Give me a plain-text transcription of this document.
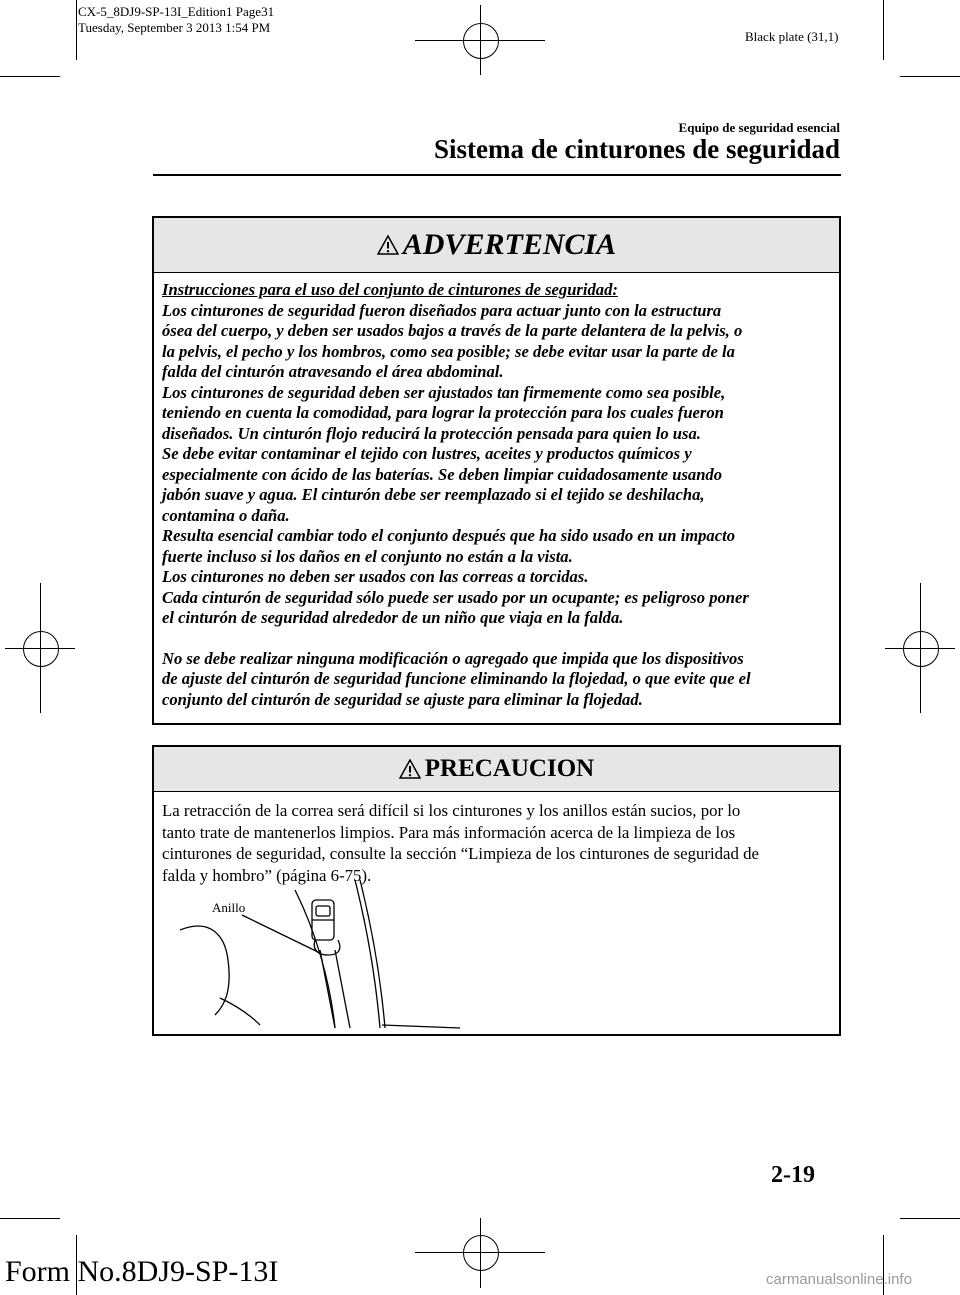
CX-5_8DJ9-SP-13I_Edition1 Page31
Tuesday, September 3 2013 1:54 PM
Black plate (31,1)
Equipo de seguridad esencial
Sistema de cinturones de seguridad
ADVERTENCIA

Instrucciones para el uso del conjunto de cinturones de seguridad:

Los cinturones de seguridad fueron diseñados para actuar junto con la estructura

ósea del cuerpo, y deben ser usados bajos a través de la parte delantera de la pelvis, o

la pelvis, el pecho y los hombros, como sea posible; se debe evitar usar la parte de la

falda del cinturón atravesando el área abdominal.

Los cinturones de seguridad deben ser ajustados tan firmemente como sea posible,

teniendo en cuenta la comodidad, para lograr la protección para los cuales fueron

diseñados. Un cinturón flojo reducirá la protección pensada para quien lo usa.

Se debe evitar contaminar el tejido con lustres, aceites y productos químicos y

especialmente con ácido de las baterías. Se deben limpiar cuidadosamente usando

jabón suave y agua. El cinturón debe ser reemplazado si el tejido se deshilacha,

contamina o daña.

Resulta esencial cambiar todo el conjunto después que ha sido usado en un impacto

fuerte incluso si los daños en el conjunto no están a la vista.

Los cinturones no deben ser usados con las correas a torcidas.

Cada cinturón de seguridad sólo puede ser usado por un ocupante; es peligroso poner

el cinturón de seguridad alrededor de un niño que viaja en la falda.

No se debe realizar ninguna modificación o agregado que impida que los dispositivos

de ajuste del cinturón de seguridad funcione eliminando la flojedad, o que evite que el

conjunto del cinturón de seguridad se ajuste para eliminar la flojedad.

PRECAUCION

La retracción de la correa será difícil si los cinturones y los anillos están sucios, por lo

tanto trate de mantenerlos limpios. Para más información acerca de la limpieza de los

cinturones de seguridad, consulte la sección “Limpieza de los cinturones de seguridad de

falda y hombro” (página 6-75).

Anillo
2-19
Form No.8DJ9-SP-13I	carmanualsonline.info
